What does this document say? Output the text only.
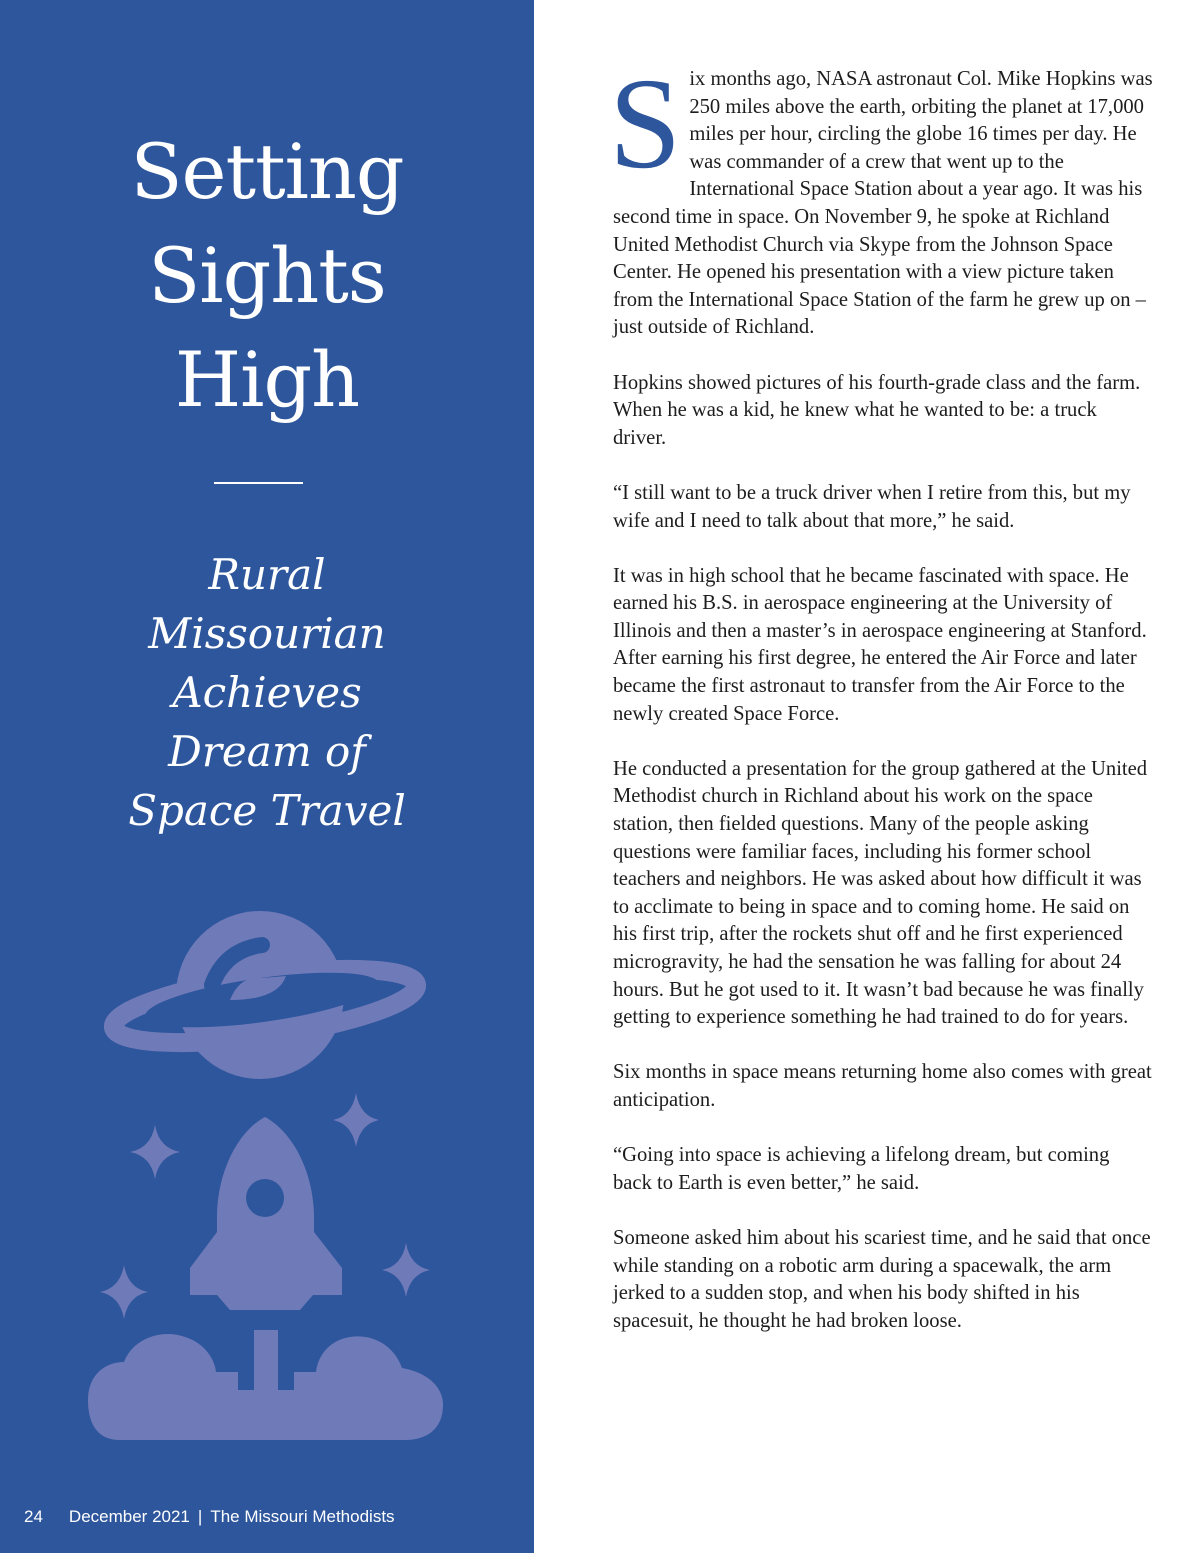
Setting
Sights
High
Rural
Missourian
Achieves
Dream of
Space Travel
24 December 2021 | The Missouri Methodists

Six months ago, NASA astronaut Col. Mike Hopkins was 250 miles above the earth, orbiting the planet at 17,000 miles per hour, circling the globe 16 times per day. He was commander of a crew that went up to the International Space Station about a year ago. It was his second time in space. On November 9, he spoke at Richland United Methodist Church via Skype from the Johnson Space Center. He opened his presentation with a view picture taken from the International Space Station of the farm he grew up on – just outside of Richland.

Hopkins showed pictures of his fourth-grade class and the farm. When he was a kid, he knew what he wanted to be: a truck driver.

“I still want to be a truck driver when I retire from this, but my wife and I need to talk about that more,” he said.

It was in high school that he became fascinated with space. He earned his B.S. in aerospace engineering at the University of Illinois and then a master’s in aerospace engineering at Stanford. After earning his first degree, he entered the Air Force and later became the first astronaut to transfer from the Air Force to the newly created Space Force.

He conducted a presentation for the group gathered at the United Methodist church in Richland about his work on the space station, then fielded questions. Many of the people asking questions were familiar faces, including his former school teachers and neighbors. He was asked about how difficult it was to acclimate to being in space and to coming home. He said on his first trip, after the rockets shut off and he first experienced microgravity, he had the sensation he was falling for about 24 hours. But he got used to it. It wasn’t bad because he was finally getting to experience something he had trained to do for years.

Six months in space means returning home also comes with great anticipation.

“Going into space is achieving a lifelong dream, but coming back to Earth is even better,” he said.

Someone asked him about his scariest time, and he said that once while standing on a robotic arm during a spacewalk, the arm jerked to a sudden stop, and when his body shifted in his spacesuit, he thought he had broken loose.
